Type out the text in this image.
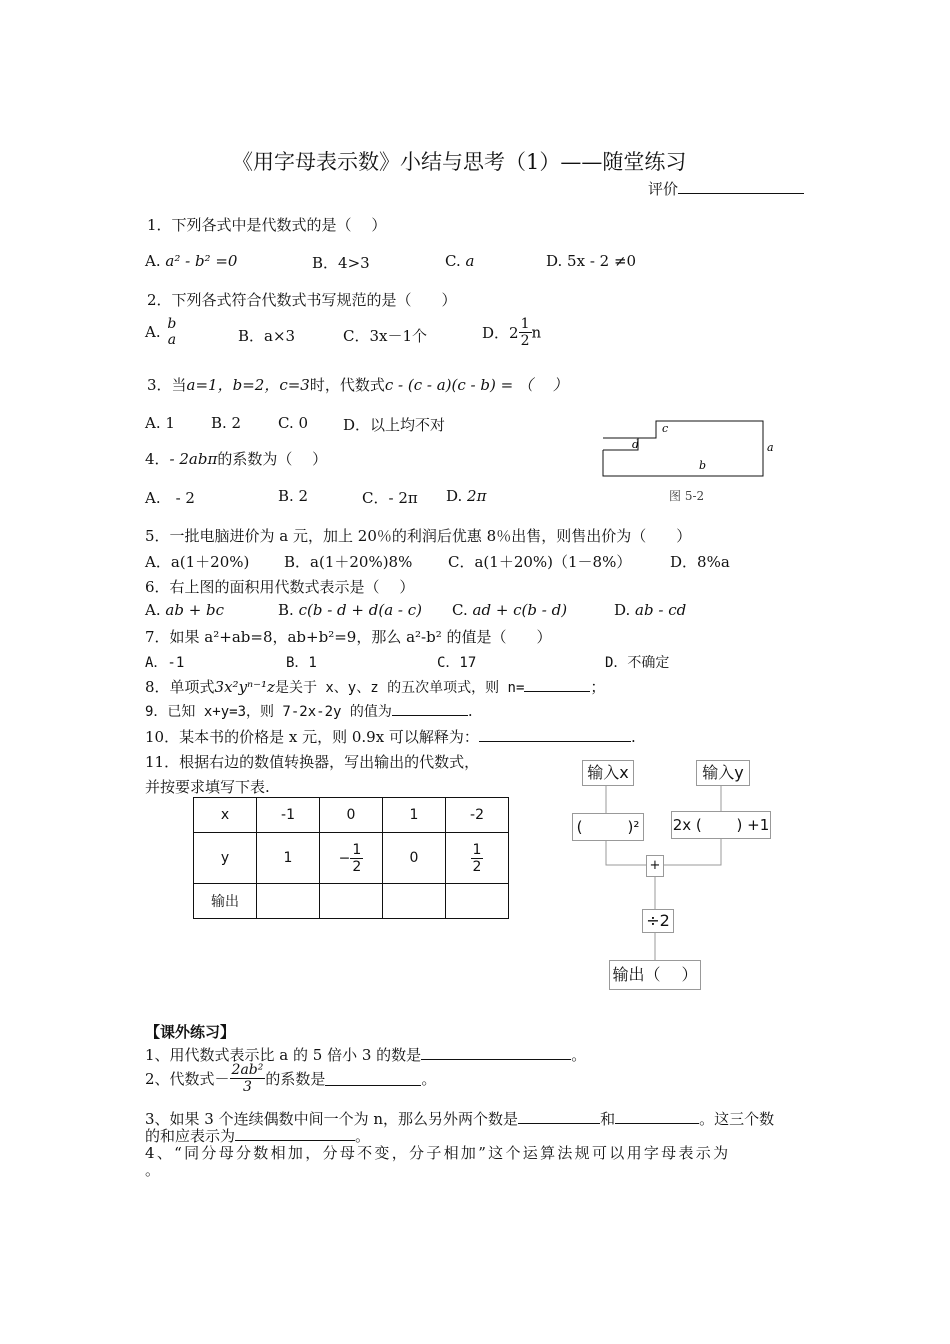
《用字母表示数》小结与思考（1）——随堂练习
评价
1．下列各式中是代数式的是（　 ）
A. a² - b² =0	B．4>3	C. a	D. 5x - 2 ≠0
2．下列各式符合代数式书写规范的是（　　）
A. b
a	B．a×3	C．3x－1个	D．$2 \frac{1}{2}$ n
3．当a=1，b=2，c=3时，代数式c - (c - a)(c - b) = （　 ）
A. 1 B. 2 C. 0 D．以上均不对	c
d
b
a
图 5-2
4．- 2abπ的系数为（　 ）
A.　- 2	B. 2	C．- 2π D. 2π
5．一批电脑进价为 a 元，加上 20％的利润后优惠 8％出售，则售出价为（　　）
A．a(1＋20%) B．a(1＋20%)8% C．a(1＋20%)（1－8%）	D．8%a
6．右上图的面积用代数式表示是（　 ）
A. ab + bc	B. c(b - d + d(a - c) C. ad + c(b - d)	D. ab - cd
7．如果 a²+ab=8，ab+b²=9，那么 a²-b² 的值是（　　）
A．-1	B．1	C．17	D．不确定
8．单项式3x²yⁿ⁻¹z是关于 x、y、z 的五次单项式，则 n=	；
9．已知 x+y=3，则 7-2x-2y 的值为	.
10．某本书的价格是 x 元，则 0.9x 可以解释为：	.
11．根据右边的数值转换器，写出输出的代数式，
并按要求填写下表.
x	-1	0	1	-2
y	1	− $\frac{1}{2}$	0	$\frac{1}{2}$

输出				
输入x	输入y
(　　　)²	2x (　　 ) +1
+
÷2
输出（　 ）
【课外练习】
1、用代数式表示比 a 的 5 倍小 3 的数是	。
2、代数式－ $\frac{\text{2ab²}}{3}$ 的系数是	。
3、如果 3 个连续偶数中间一个为 n，那么另外两个数是	和	。这三个数
的和应表示为	。
4、“同分母分数相加，分母不变，分子相加”这个运算法规可以用字母表示为
。
